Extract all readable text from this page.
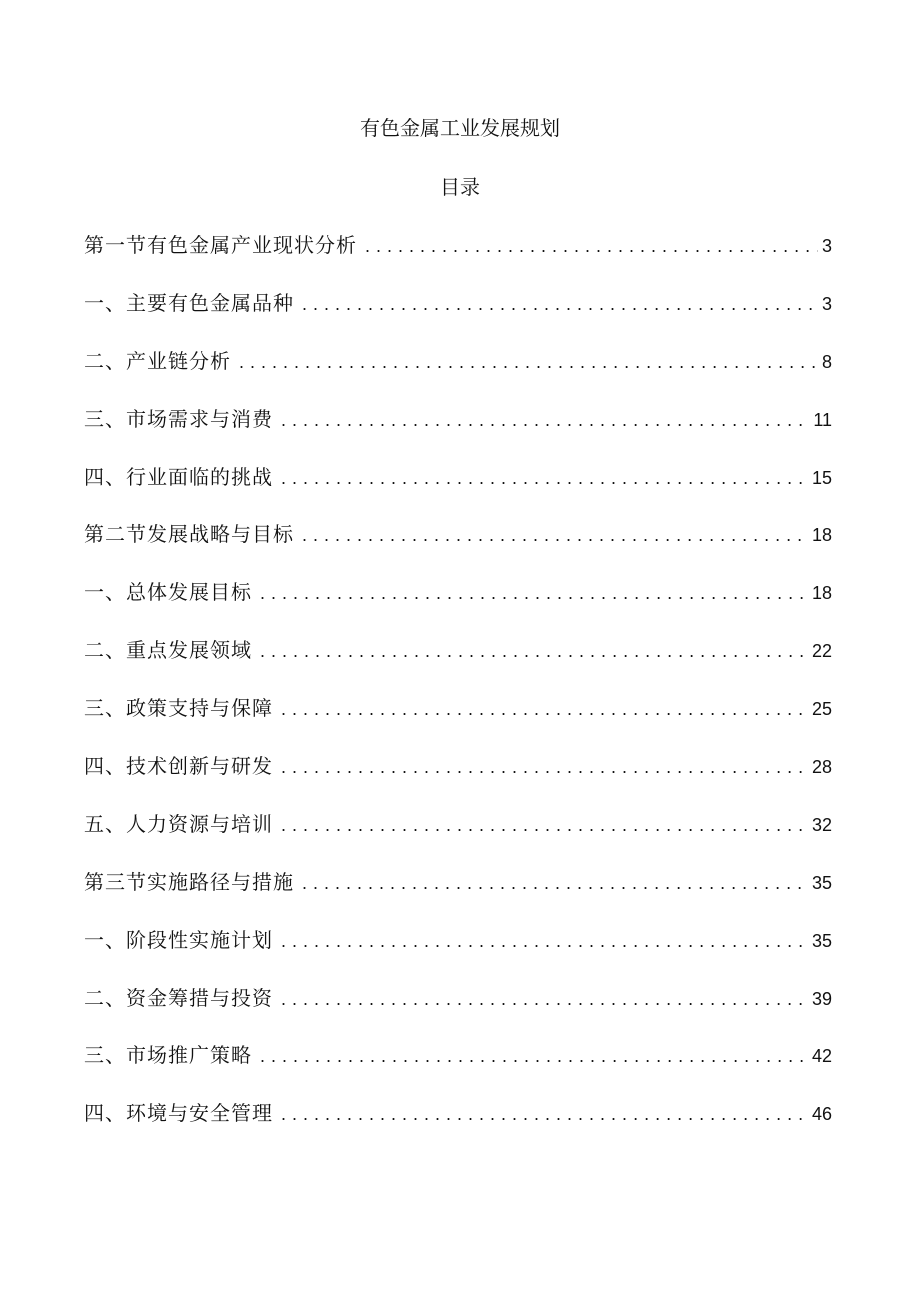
有色金属工业发展规划
目录
第一节有色金属产业现状分析 . . .	3
一、主要有色金属品种 . . .	3
二、产业链分析 . . .	8
三、市场需求与消费 . . .	11
四、行业面临的挑战 . . .	15
第二节发展战略与目标 . . .	18
一、总体发展目标 . . .	18
二、重点发展领域 . . .	22
三、政策支持与保障 . . .	25
四、技术创新与研发 . . .	28
五、人力资源与培训 . . .	32
第三节实施路径与措施 . . .	35
一、阶段性实施计划 . . .	35
二、资金筹措与投资 . . .	39
三、市场推广策略 . . .	42
四、环境与安全管理 . . .	46
